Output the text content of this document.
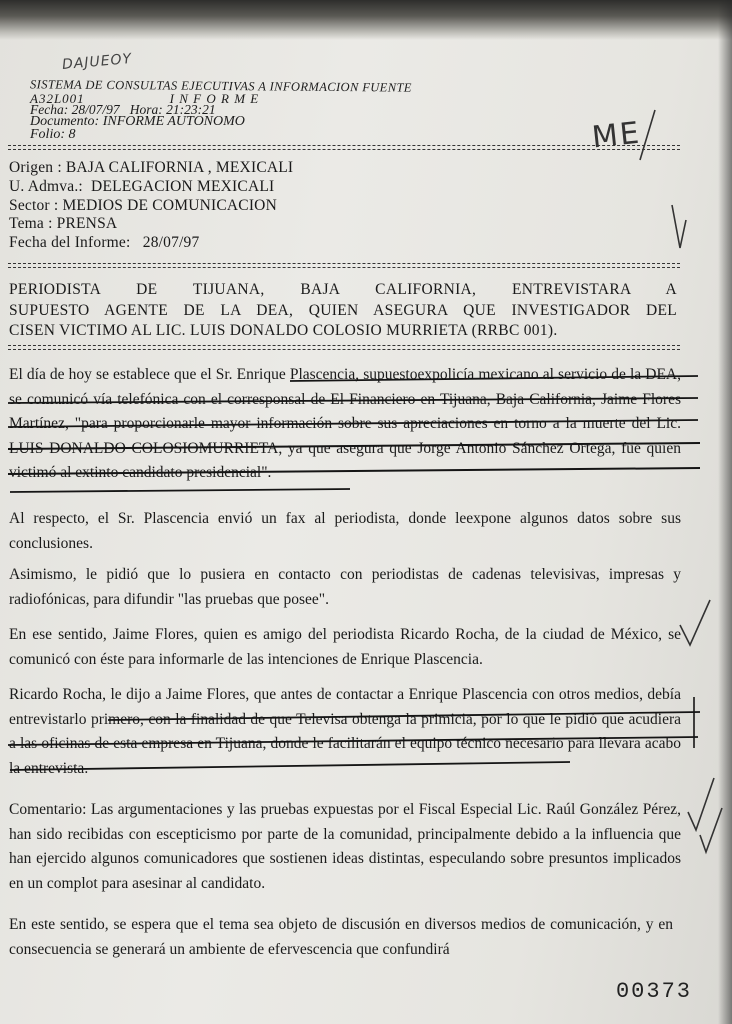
DAJUEOY
SISTEMA DE CONSULTAS EJECUTIVAS A INFORMACION FUENTE
A32L001                    I N F O R M E
Fecha: 28/07/97   Hora: 21:23:21
Documento: INFORME AUTONOMO
Folio: 8	ME
Origen : BAJA CALIFORNIA , MEXICALI
U. Admva.:  DELEGACION MEXICALI
Sector : MEDIOS DE COMUNICACION
Tema : PRENSA
Fecha del Informe:   28/07/97
PERIODISTA DE TIJUANA, BAJA CALIFORNIA, ENTREVISTARA A
SUPUESTO AGENTE DE LA DEA, QUIEN ASEGURA QUE INVESTIGADOR DEL
CISEN VICTIMO AL LIC. LUIS DONALDO COLOSIO MURRIETA (RRBC 001).
El día de hoy se establece que el Sr. Enrique Plascencia, supuestoexpolicía mexicano al servicio de la DEA, se comunicó vía telefónica con el corresponsal de El Financiero en Tijuana, Baja California, Jaime Flores Martínez, "para proporcionarle mayor información sobre sus apreciaciones en torno a la muerte del Lic. LUIS DONALDO COLOSIOMURRIETA, ya que asegura que Jorge Antonio Sánchez Ortega, fue quien victimó al extinto candidato presidencial".
Al respecto, el Sr. Plascencia envió un fax al periodista, donde leexpone algunos datos sobre sus conclusiones.
Asimismo, le pidió que lo pusiera en contacto con periodistas de cadenas televisivas, impresas y radiofónicas, para difundir "las pruebas que posee".
En ese sentido, Jaime Flores, quien es amigo del periodista Ricardo Rocha, de la ciudad de México, se comunicó con éste para informarle de las intenciones de Enrique Plascencia.
Ricardo Rocha, le dijo a Jaime Flores, que antes de contactar a Enrique Plascencia con otros medios, debía entrevistarlo primero, con la finalidad de que Televisa obtenga la primicia, por lo que le pidió que acudiera a las oficinas de esta empresa en Tijuana, donde le facilitarán el equipo técnico necesario para llevara acabo la entrevista.
Comentario: Las argumentaciones y las pruebas expuestas por el Fiscal Especial Lic. Raúl González Pérez, han sido recibidas con escepticismo por parte de la comunidad, principalmente debido a la influencia que han ejercido algunos comunicadores que sostienen ideas distintas, especulando sobre presuntos implicados en un complot para asesinar al candidato.
En este sentido, se espera que el tema sea objeto de discusión en diversos medios de comunicación, y en consecuencia se generará un ambiente de efervescencia que confundirá
00373
